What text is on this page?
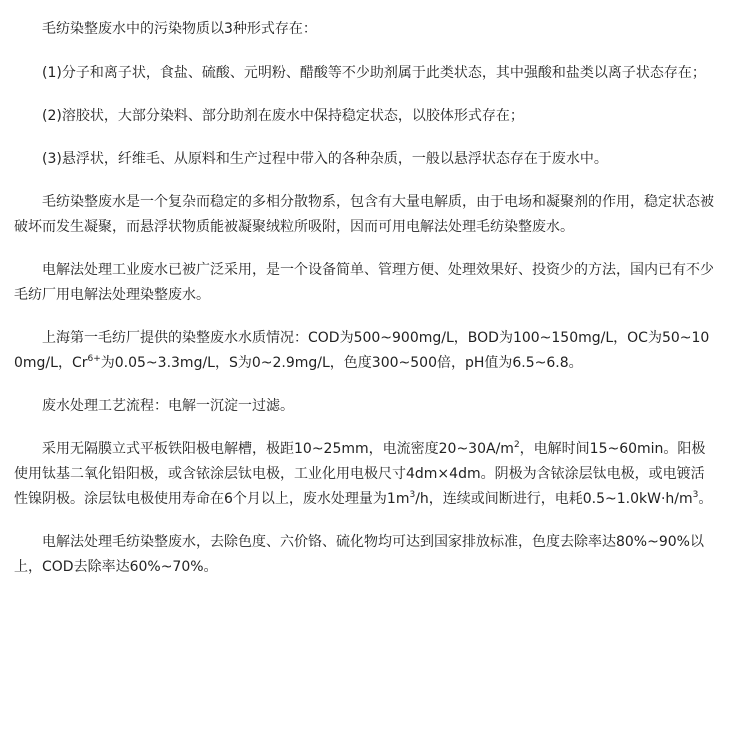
毛纺染整废水中的污染物质以3种形式存在：

(1)分子和离子状，食盐、硫酸、元明粉、醋酸等不少助剂属于此类状态，其中强酸和盐类以离子状态存在；

(2)溶胶状，大部分染料、部分助剂在废水中保持稳定状态，以胶体形式存在；

(3)悬浮状，纤维毛、从原料和生产过程中带入的各种杂质，一般以悬浮状态存在于废水中。

毛纺染整废水是一个复杂而稳定的多相分散物系，包含有大量电解质，由于电场和凝聚剂的作用，稳定状态被破坏而发生凝聚，而悬浮状物质能被凝聚绒粒所吸附，因而可用电解法处理毛纺染整废水。

电解法处理工业废水已被广泛采用，是一个设备简单、管理方便、处理效果好、投资少的方法，国内已有不少毛纺厂用电解法处理染整废水。

上海第一毛纺厂提供的染整废水水质情况：COD为500~900mg/L，BOD为100~150mg/L，OC为50~100mg/L，$Cr^{6+}$为0.05~3.3mg/L，S为0~2.9mg/L，色度300~500倍，pH值为6.5~6.8。

废水处理工艺流程：电解一沉淀一过滤。

采用无隔膜立式平板铁阳极电解槽，极距10~25mm，电流密度$20\sim 30A/m^2$，电解时间15~60min。阳极使用钛基二氧化铅阳极，或含铱涂层钛电极，工业化用电极尺寸4dm×4dm。阴极为含铱涂层钛电极，或电镀活性镍阴极。涂层钛电极使用寿命在6个月以上，废水处理量为$1m^3/h$，连续或间断进行，电耗$0.5\sim 1.0kW\cdot h/m^3$。

电解法处理毛纺染整废水，去除色度、六价铬、硫化物均可达到国家排放标准，色度去除率达80%~90%以上，COD去除率达60%~70%。
